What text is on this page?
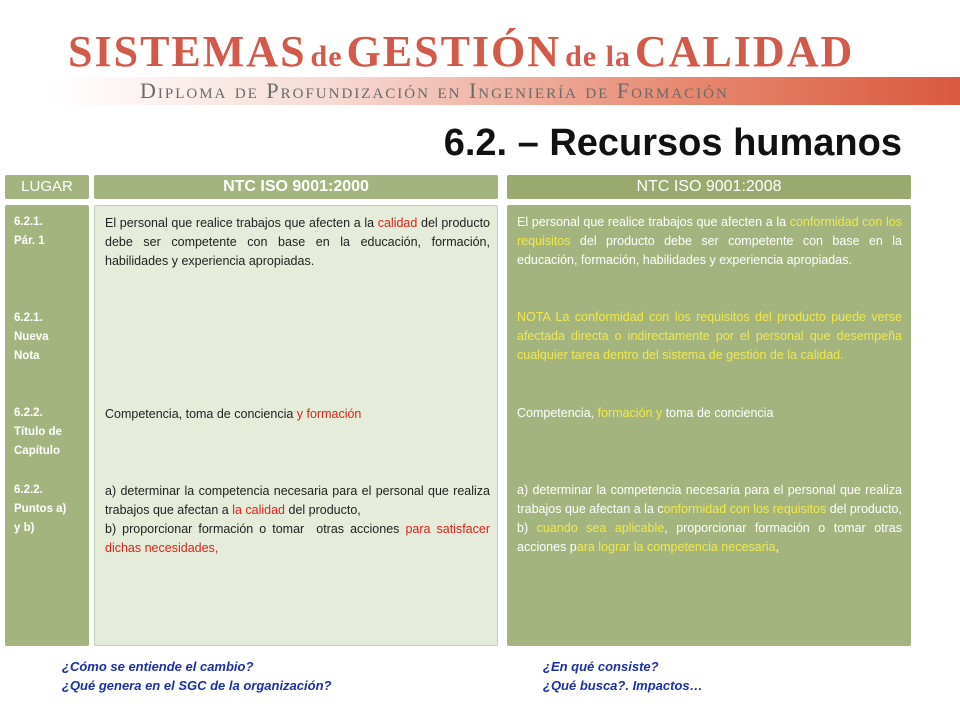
SISTEMAS de GESTIÓN de la CALIDAD
Diploma de Profundización en Ingeniería de Formación
6.2. – Recursos humanos
LUGAR	NTC ISO 9001:2000	NTC ISO 9001:2008
6.2.1.
Pár. 1
6.2.1.
Nueva
Nota
6.2.2.
Título de
Capítulo
6.2.2.
Puntos a)
y b)
El personal que realice trabajos que afecten a la calidad del producto debe ser competente con base en la educación, formación, habilidades y experiencia apropiadas.
Competencia, toma de conciencia y formación
a) determinar la competencia necesaria para el personal que realiza trabajos que afectan a la calidad del producto,
b) proporcionar formación o tomar  otras acciones para satisfacer dichas necesidades,
El personal que realice trabajos que afecten a la conformidad con los requisitos del producto debe ser competente con base en la educación, formación, habilidades y experiencia apropiadas.
NOTA La conformidad con los requisitos del producto puede verse afectada directa o indirectamente por el personal que desempeña cualquier tarea dentro del sistema de gestión de la calidad.
Competencia, formación y toma de conciencia
a) determinar la competencia necesaria para el personal que realiza trabajos que afectan a la conformidad con los requisitos del producto,
b) cuando sea aplicable, proporcionar formación o tomar otras acciones para lograr la competencia necesaria,
¿Cómo se entiende el cambio?
¿Qué genera en el SGC de la organización?
¿En qué consiste?
¿Qué busca?. Impactos…
